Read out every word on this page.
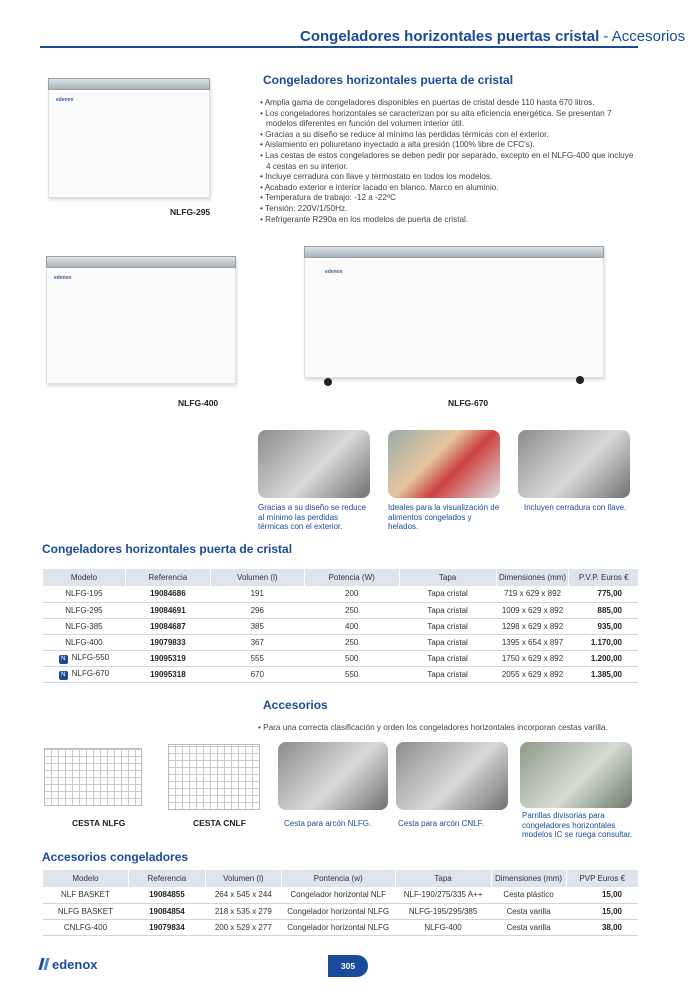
Congeladores horizontales puertas cristal - Accesorios
edenox
NLFG-295
edenox
NLFG-400
edenox
NLFG-670
Congeladores horizontales puerta de cristal
• Amplia gama de congeladores disponibles en puertas de cristal desde 110 hasta 670 litros.
• Los congeladores horizontales se caracterizan por su alta eficiencia energética. Se presentan 7 modelos diferentes en función del volumen interior útil.
• Gracias a su diseño se reduce al mínimo las perdidas térmicas con el exterior.
• Aislamiento en poliuretano inyectado a alta presión (100% libre de CFC's).
• Las cestas de estos congeladores se deben pedir por separado, excepto en el NLFG-400 que incluye 4 cestas en su interior.
• Incluye cerradura con llave y termostato en todos los modelos.
• Acabado exterior e interior lacado en blanco. Marco en aluminio.
• Temperatura de trabajo: -12 a -22ºC
• Tensión: 220V/1/50Hz.
• Refrigerante R290a en los modelos de puerta de cristal.
Gracias a su diseño se reduce al mínimo las perdidas térmicas con el exterior.
Ideales para la visualización de alimentos congelados y helados.
Incluyen cerradura con llave.
Congeladores horizontales puerta de cristal
Modelo	Referencia	Volumen (l)	Potencia (W)	Tapa	Dimensiones (mm)	P.V.P. Euros €
NLFG-195	19084686	191	200	Tapa cristal	719 x 629 x 892	775,00
NLFG-295	19084691	296	250	Tapa cristal	1009 x 629 x 892	885,00
NLFG-385	19084687	385	400	Tapa cristal	1298 x 629 x 892	935,00
NLFG-400	19079833	367	250	Tapa cristal	1395 x 654 x 897	1.170,00
N NLFG-550	19095319	555	500	Tapa cristal	1750 x 629 x 892	1.200,00
N NLFG-670	19095318	670	550	Tapa cristal	2055 x 629 x 892	1.385,00
Accesorios
• Para una correcta clasificación y orden los congeladores horizontales incorporan cestas varilla.
CESTA NLFG	CESTA CNLF	Cesta para arcón NLFG.	Cesta para arcón CNLF.
Parrillas divisorias para congeladores horizontales modelos IC se ruega consultar.
Accesorios congeladores
Modelo	Referencia	Volumen (l)	Pontencia (w)	Tapa	Dimensiones (mm)	PVP Euros €
NLF BASKET	19084855	264 x 545 x 244	Congelador horizontal NLF	NLF-190/275/335 A++	Cesta plástico	15,00
NLFG BASKET	19084854	218 x 535 x 279	Congelador horizontal NLFG	NLFG-195/295/385	Cesta varilla	15,00
CNLFG-400	19079834	200 x 529 x 277	Congelador horizontal NLFG	NLFG-400	Cesta varilla	38,00
edenox	305
